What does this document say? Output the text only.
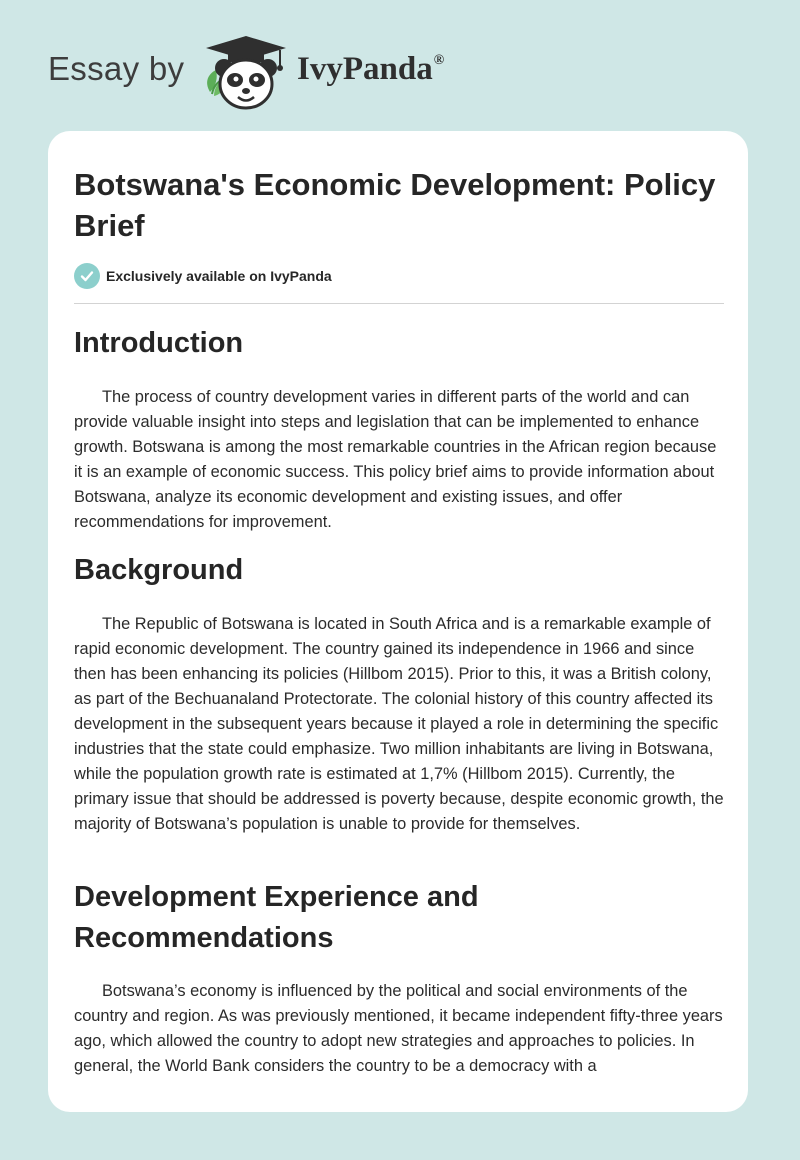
Essay by	IvyPanda®
Botswana's Economic Development: Policy Brief
Exclusively available on IvyPanda
Introduction

The process of country development varies in different parts of the world and can provide valuable insight into steps and legislation that can be implemented to enhance growth. Botswana is among the most remarkable countries in the African region because it is an example of economic success. This policy brief aims to provide information about Botswana, analyze its economic development and existing issues, and offer recommendations for improvement.

Background

The Republic of Botswana is located in South Africa and is a remarkable example of rapid economic development. The country gained its independence in 1966 and since then has been enhancing its policies (Hillbom 2015). Prior to this, it was a British colony, as part of the Bechuanaland Protectorate. The colonial history of this country affected its development in the subsequent years because it played a role in determining the specific industries that the state could emphasize. Two million inhabitants are living in Botswana, while the population growth rate is estimated at 1,7% (Hillbom 2015). Currently, the primary issue that should be addressed is poverty because, despite economic growth, the majority of Botswana’s population is unable to provide for themselves.

Development Experience and Recommendations

Botswana’s economy is influenced by the political and social environments of the country and region. As was previously mentioned, it became independent fifty-three years ago, which allowed the country to adopt new strategies and approaches to policies. In general, the World Bank considers the country to be a democracy with a
